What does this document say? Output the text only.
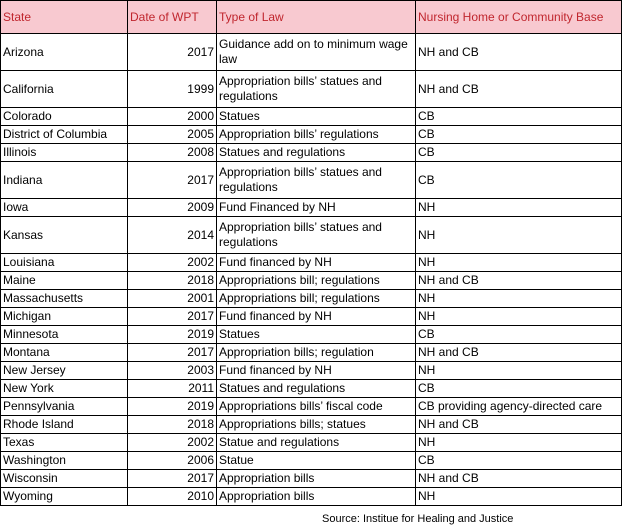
State	Date of WPT	Type of Law	Nursing Home or Community Base
Arizona	2017	Guidance add on to minimum wage law	NH and CB
California	1999	Appropriation bills’ statues and regulations	NH and CB
Colorado	2000	Statues	CB
District of Columbia	2005	Appropriation bills’ regulations	CB
Illinois	2008	Statues and regulations	CB
Indiana	2017	Appropriation bills’ statues and regulations	CB
Iowa	2009	Fund Financed by NH	NH
Kansas	2014	Appropriation bills’ statues and regulations	NH
Louisiana	2002	Fund financed by NH	NH
Maine	2018	Appropriations bill; regulations	NH and CB
Massachusetts	2001	Appropriations bill; regulations	NH
Michigan	2017	Fund financed by NH	NH
Minnesota	2019	Statues	CB
Montana	2017	Appropriation bills; regulation	NH and CB
New Jersey	2003	Fund financed by NH	NH
New York	2011	Statues and regulations	CB
Pennsylvania	2019	Appropriations bills’ fiscal code	CB providing agency-directed care
Rhode Island	2018	Appropriations bills; statues	NH and CB
Texas	2002	Statue and regulations	NH
Washington	2006	Statue	CB
Wisconsin	2017	Appropriation bills	NH and CB
Wyoming	2010	Appropriation bills	NH
Source: Institue for Healing and Justice
